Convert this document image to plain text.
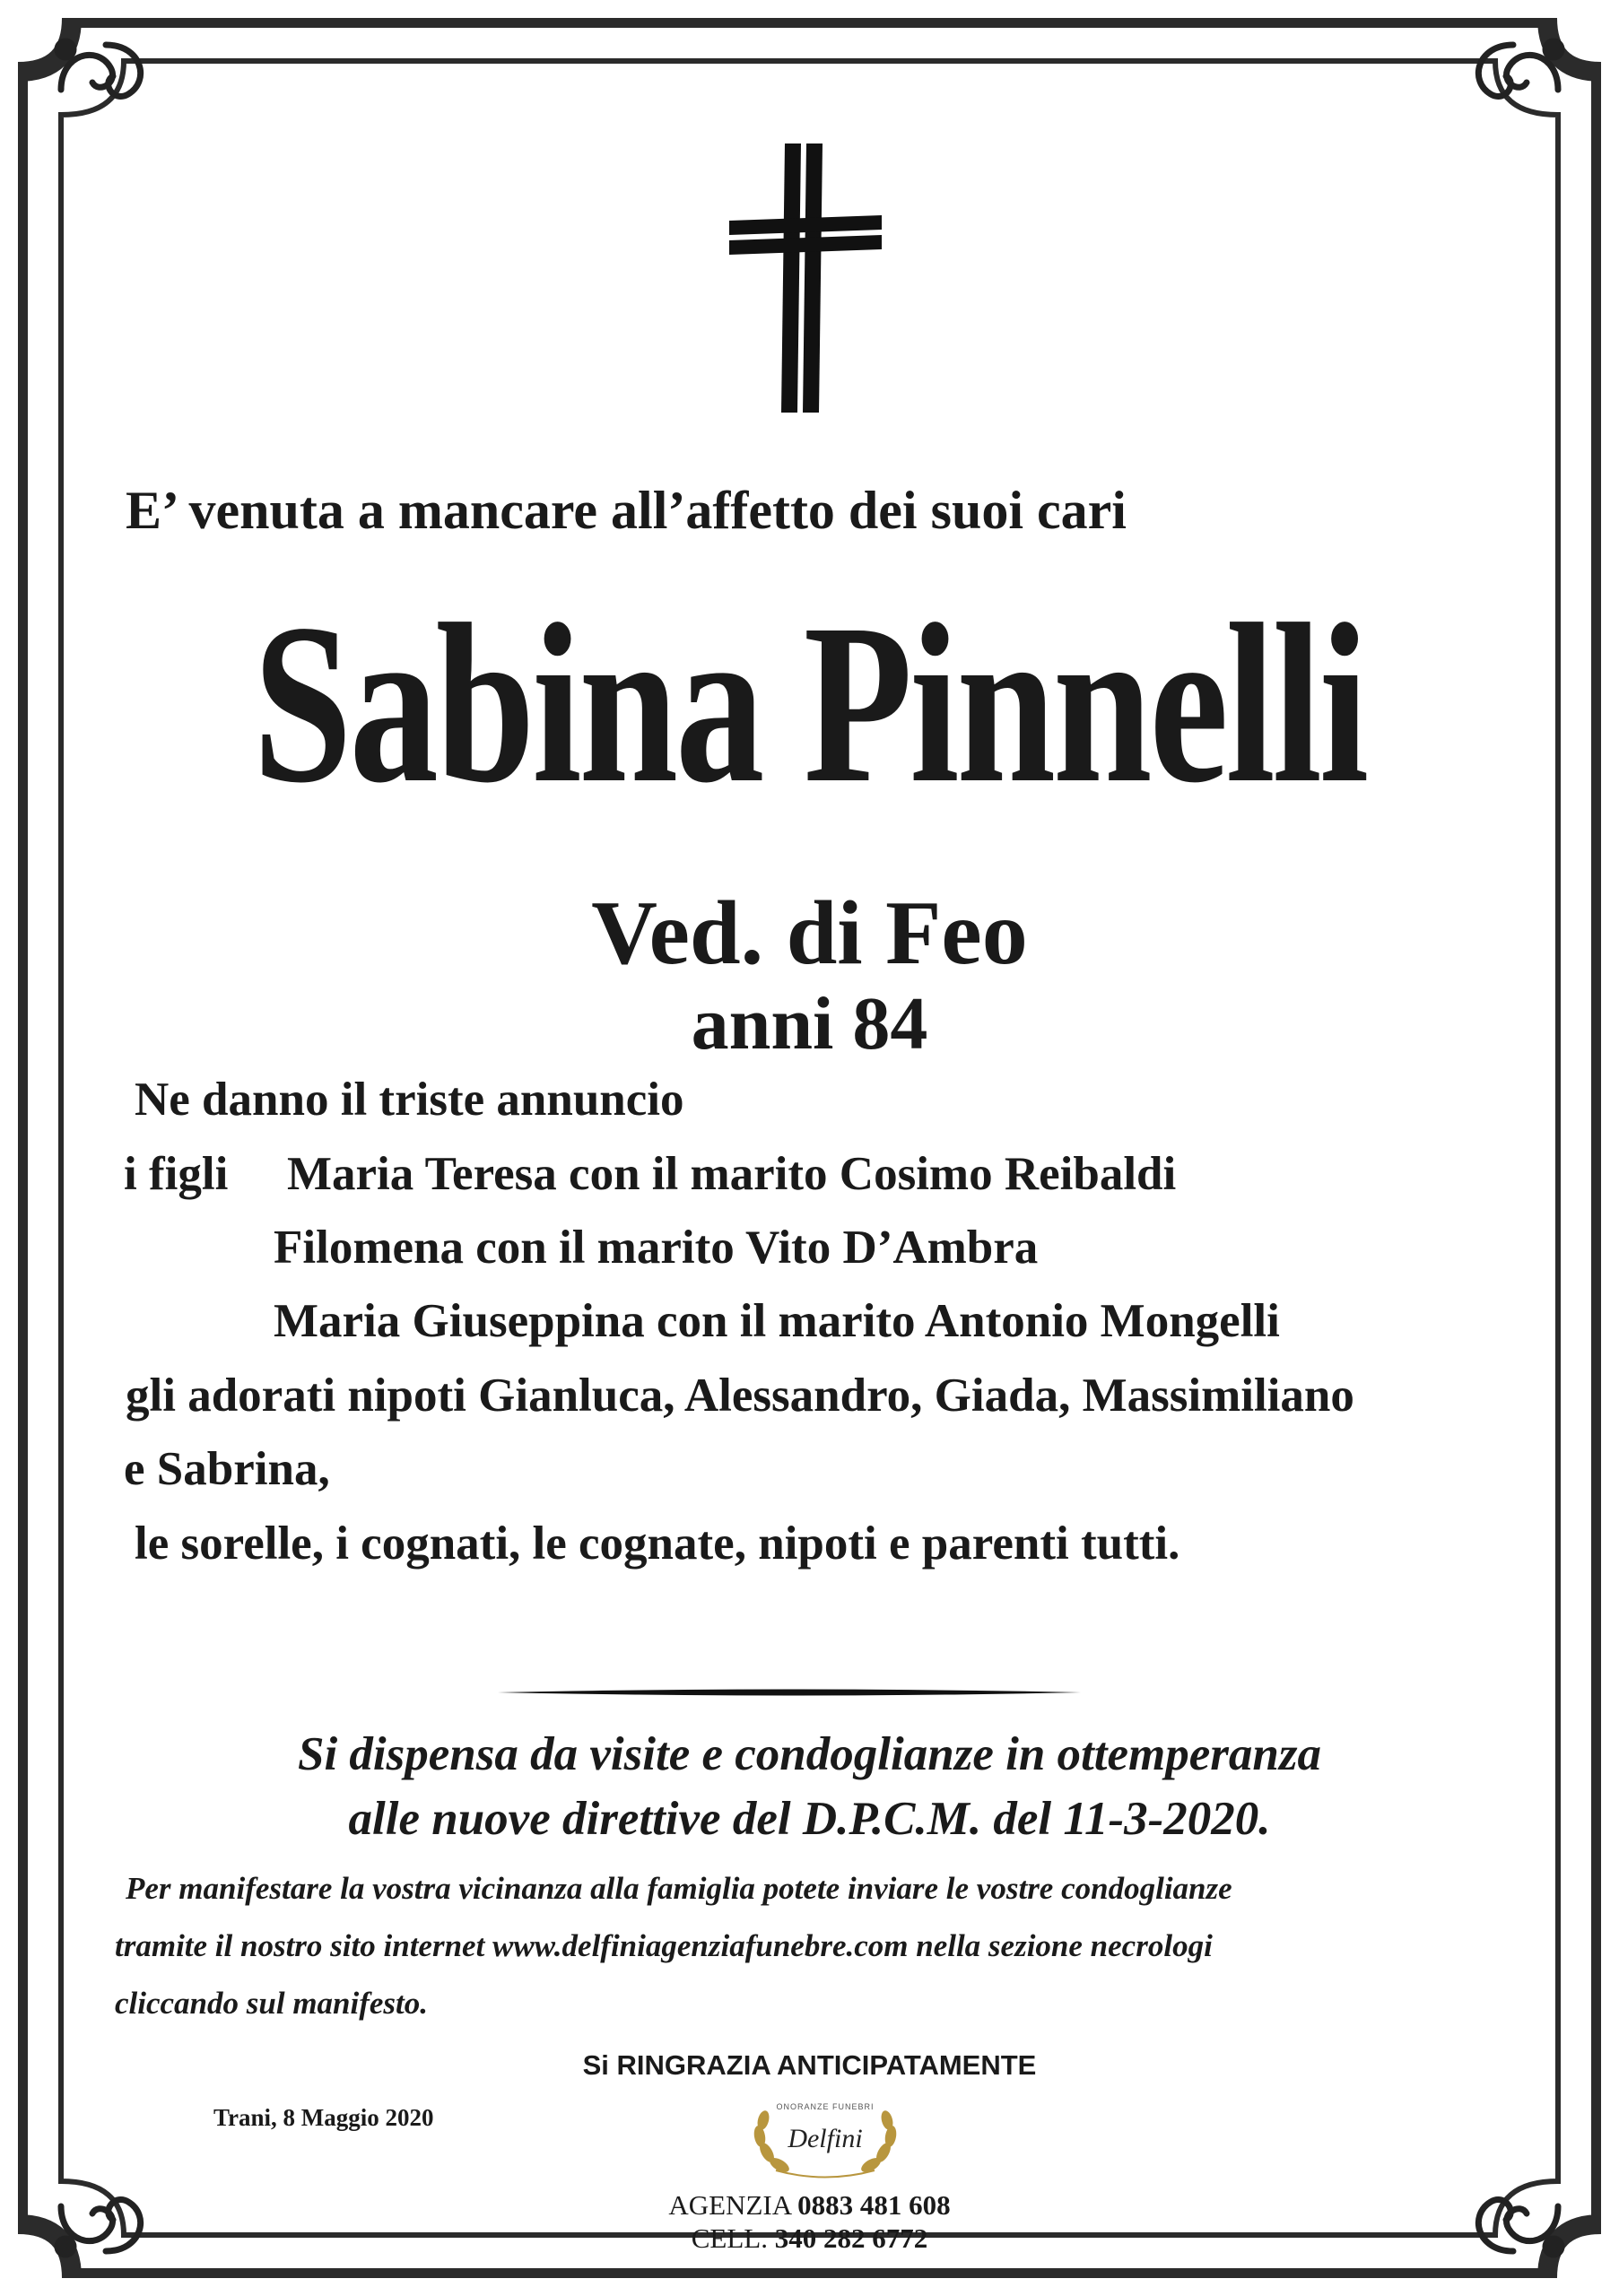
E’ venuta a mancare all’affetto dei suoi cari
Sabina Pinnelli
Ved. di Feo
anni 84
Ne danno il triste annuncio
i figli Maria Teresa con il marito Cosimo Reibaldi
Filomena con il marito Vito D’Ambra
Maria Giuseppina con il marito Antonio Mongelli
gli adorati nipoti Gianluca, Alessandro, Giada, Massimiliano
e Sabrina,
le sorelle, i cognati, le cognate, nipoti e parenti tutti.
Si dispensa da visite e condoglianze in ottemperanza
alle nuove direttive del D.P.C.M. del 11-3-2020.
Per manifestare la vostra vicinanza alla famiglia potete inviare le vostre condoglianze
tramite il nostro sito internet www.delfiniagenziafunebre.com nella sezione necrologi
cliccando sul manifesto.
Si RINGRAZIA ANTICIPATAMENTE
Trani, 8 Maggio 2020	ONORANZE FUNEBRI
Delfini
AGENZIA 0883 481 608
CELL. 340 282 6772
